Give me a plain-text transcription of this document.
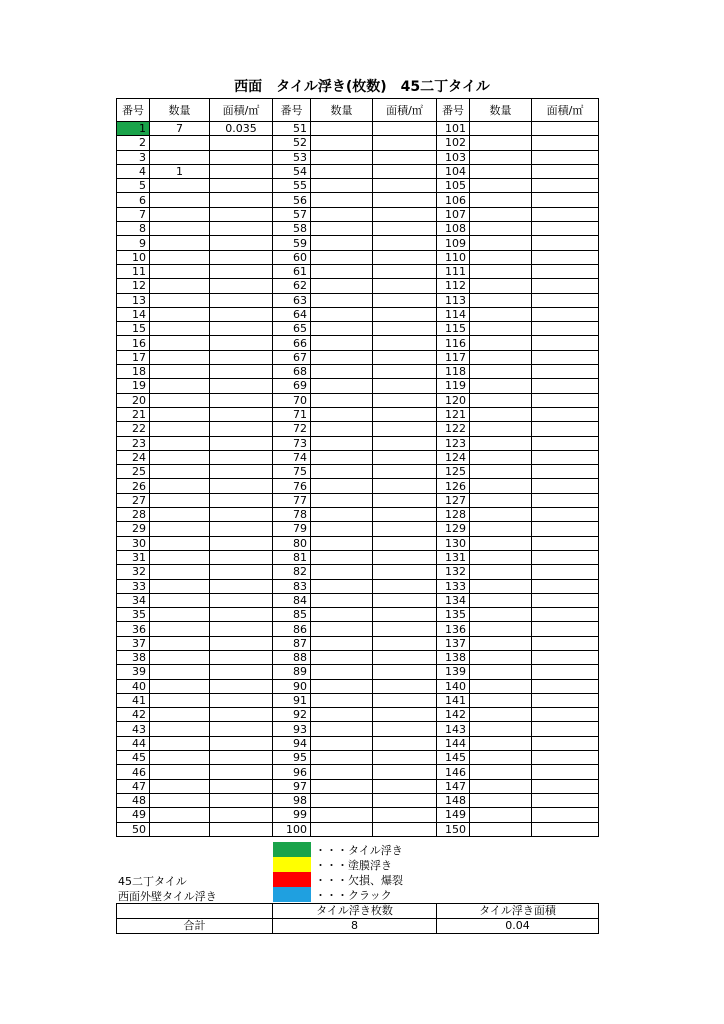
西面　タイル浮き(枚数)　45二丁タイル
番号	数量	面積/㎡	番号	数量	面積/㎡	番号	数量	面積/㎡
1	7	0.035	51			101		
2			52			102		
3			53			103		
4	1		54			104		
5			55			105		
6			56			106		
7			57			107		
8			58			108		
9			59			109		
10			60			110		
11			61			111		
12			62			112		
13			63			113		
14			64			114		
15			65			115		
16			66			116		
17			67			117		
18			68			118		
19			69			119		
20			70			120		
21			71			121		
22			72			122		
23			73			123		
24			74			124		
25			75			125		
26			76			126		
27			77			127		
28			78			128		
29			79			129		
30			80			130		
31			81			131		
32			82			132		
33			83			133		
34			84			134		
35			85			135		
36			86			136		
37			87			137		
38			88			138		
39			89			139		
40			90			140		
41			91			141		
42			92			142		
43			93			143		
44			94			144		
45			95			145		
46			96			146		
47			97			147		
48			98			148		
49			99			149		
50			100			150		
・・・タイル浮き
・・・塗膜浮き
・・・欠損、爆裂
・・・クラック
45二丁タイル
西面外壁タイル浮き
	タイル浮き枚数	タイル浮き面積
合計	8	0.04
